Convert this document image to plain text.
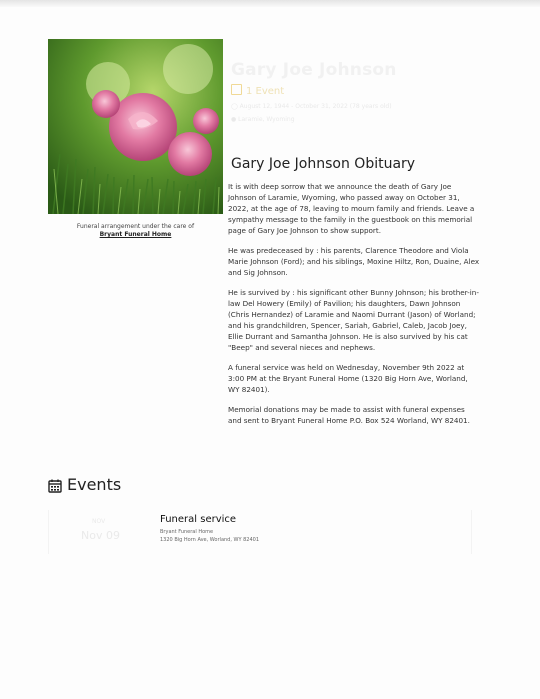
Funeral arrangement under the care of
Bryant Funeral Home
Gary Joe Johnson
1 Event
◯ August 12, 1944 - October 31, 2022 (78 years old)
● Laramie, Wyoming
Gary Joe Johnson Obituary

It is with deep sorrow that we announce the death of Gary Joe Johnson of Laramie, Wyoming, who passed away on October 31, 2022, at the age of 78, leaving to mourn family and friends. Leave a sympathy message to the family in the guestbook on this memorial page of Gary Joe Johnson to show support.

He was predeceased by : his parents, Clarence Theodore and Viola Marie Johnson (Ford); and his siblings, Moxine Hiltz, Ron, Duaine, Alex and Sig Johnson.

He is survived by : his significant other Bunny Johnson; his brother-in-law Del Howery (Emily) of Pavilion; his daughters, Dawn Johnson (Chris Hernandez) of Laramie and Naomi Durrant (Jason) of Worland; and his grandchildren, Spencer, Sariah, Gabriel, Caleb, Jacob Joey, Ellie Durrant and Samantha Johnson. He is also survived by his cat "Beep" and several nieces and nephews.

A funeral service was held on Wednesday, November 9th 2022 at 3:00 PM at the Bryant Funeral Home (1320 Big Horn Ave, Worland, WY 82401).

Memorial donations may be made to assist with funeral expenses and sent to Bryant Funeral Home P.O. Box 524 Worland, WY 82401.

Events
NOV
Nov 09
Funeral service
Bryant Funeral Home
1320 Big Horn Ave, Worland, WY 82401
